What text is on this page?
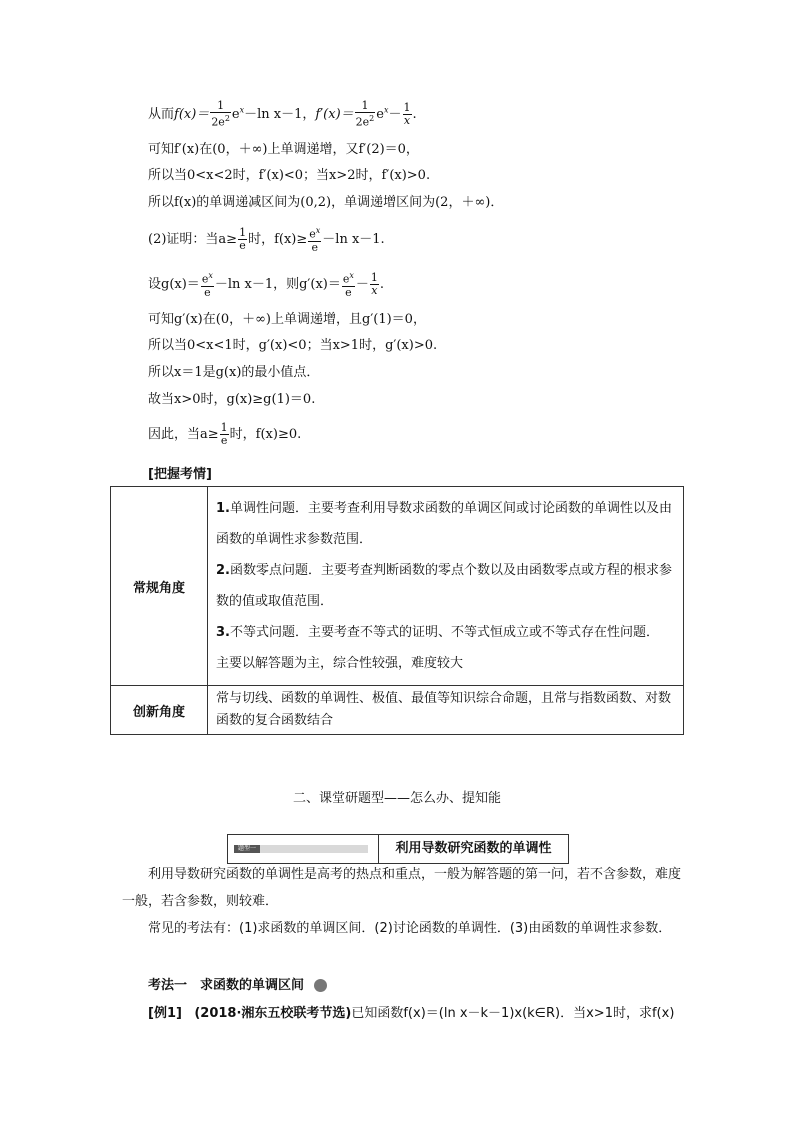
从而$f(x)= \frac{1}{2e^2} e^x-\ln$ x－1，$f'(x)= \frac{1}{2e^2} e^x- \frac{1}{x}$ .
可知f′(x)在(0，＋∞)上单调递增，又f′(2)＝0，
所以当0<x<2时，f′(x)<0；当x>2时，f′(x)>0.
所以f(x)的单调递减区间为(0,2)，单调递增区间为(2，＋∞)．
(2)证明：当$a\ge \frac{1}{e}$ 时，$f(x)\ge \frac{e^x}{e} -\ln$ x－1.
设$g(x)= \frac{e^x}{e} -\ln$ x－1，则$g'(x)= \frac{e^x}{e} - \frac{1}{x}$ .
可知g′(x)在(0，＋∞)上单调递增，且g′(1)＝0，
所以当0<x<1时，g′(x)<0；当x>1时，g′(x)>0.
所以x＝1是g(x)的最小值点．
故当x>0时，g(x)≥g(1)＝0.
因此，当$a\ge \frac{1}{e}$ 时，f(x)≥0.
[把握考情]
常规角度	1.单调性问题．主要考查利用导数求函数的单调区间或讨论函数的单调性以及由函数的单调性求参数范围．
2.函数零点问题．主要考查判断函数的零点个数以及由函数零点或方程的根求参数的值或取值范围．
3.不等式问题．主要考查不等式的证明、不等式恒成立或不等式存在性问题．
主要以解答题为主，综合性较强，难度较大

创新角度	常与切线、函数的单调性、极值、最值等知识综合命题，且常与指数函数、对数函数的复合函数结合
二、课堂研题型——怎么办、提知能
题型一	利用导数研究函数的单调性
利用导数研究函数的单调性是高考的热点和重点，一般为解答题的第一问，若不含参数，难度一般，若含参数，则较难．
常见的考法有：(1)求函数的单调区间．(2)讨论函数的单调性．(3)由函数的单调性求参数．
考法一　求函数的单调区间
[例1] (2018·湘东五校联考节选)已知函数f(x)＝(ln x－k－1)x(k∈R)．当x>1时，求f(x)
